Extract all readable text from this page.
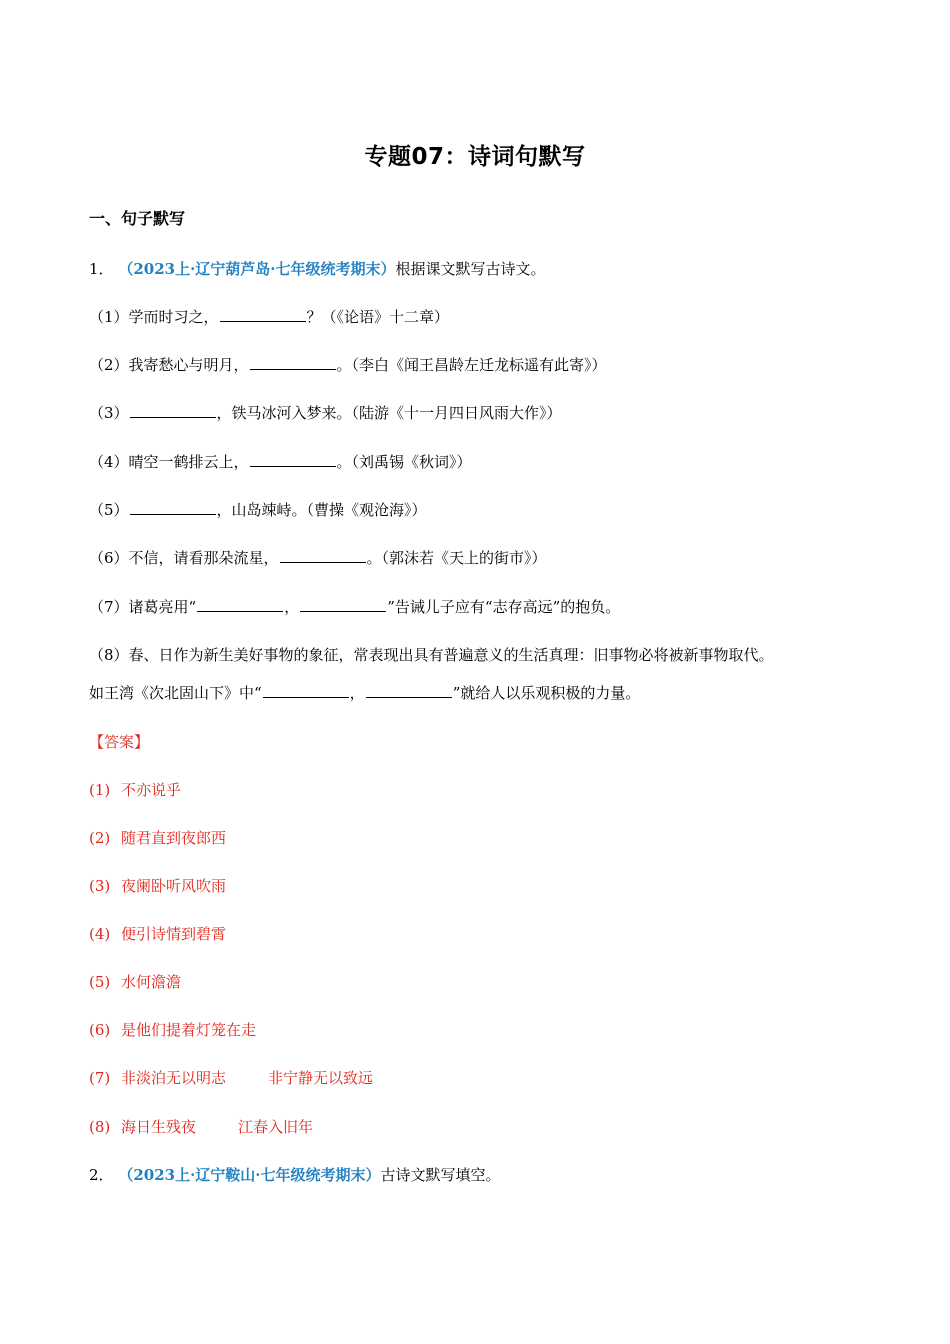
专题07：诗词句默写
一、句子默写
1． （2023上·辽宁葫芦岛·七年级统考期末）根据课文默写古诗文。
（1）学而时习之，	？（《论语》十二章）
（2）我寄愁心与明月，	。（李白《闻王昌龄左迁龙标遥有此寄》）
（3）	，铁马冰河入梦来。（陆游《十一月四日风雨大作》）
（4）晴空一鹤排云上，	。（刘禹锡《秋词》）
（5）	，山岛竦峙。（曹操《观沧海》）
（6）不信，请看那朵流星，	。（郭沫若《天上的街市》）
（7）诸葛亮用“	，	”告诫儿子应有“志存高远”的抱负。
（8）春、日作为新生美好事物的象征，常表现出具有普遍意义的生活真理：旧事物必将被新事物取代。
如王湾《次北固山下》中“	，	”就给人以乐观积极的力量。
【答案】
(1) 不亦说乎
(2) 随君直到夜郎西
(3) 夜阑卧听风吹雨
(4) 便引诗情到碧霄
(5) 水何澹澹
(6) 是他们提着灯笼在走
(7) 非淡泊无以明志	非宁静无以致远
(8) 海日生残夜	江春入旧年
2． （2023上·辽宁鞍山·七年级统考期末）古诗文默写填空。
